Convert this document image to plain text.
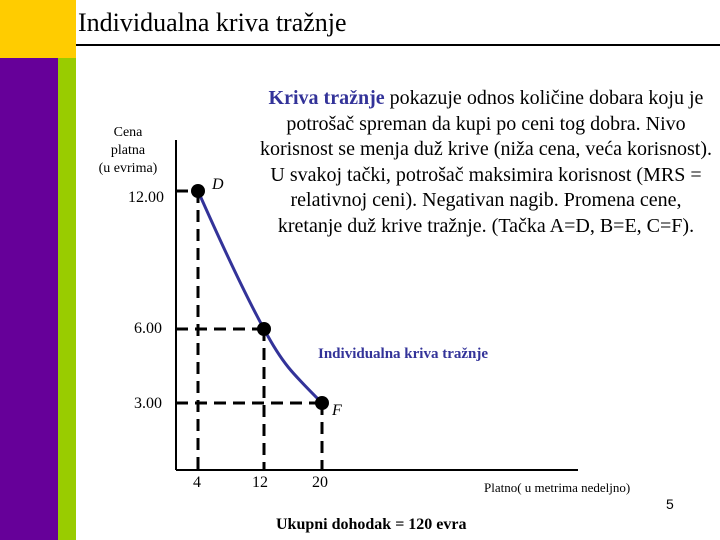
Individualna kriva tražnje
Kriva tražnje pokazuje odnos količine dobara koju je potrošač spreman da kupi po ceni tog dobra. Nivo korisnost se menja duž krive (niža cena, veća korisnost). U svakoj tački, potrošač maksimira korisnost (MRS = relativnoj ceni). Negativan nagib. Promena cene, kretanje duž krive tražnje. (Tačka A=D, B=E, C=F).
Cena
platna
(u evrima)
12.00
6.00
3.00
4	12	20
D
F
Individualna kriva tražnje
Platno( u metrima nedeljno)
5
Ukupni dohodak = 120 evra
